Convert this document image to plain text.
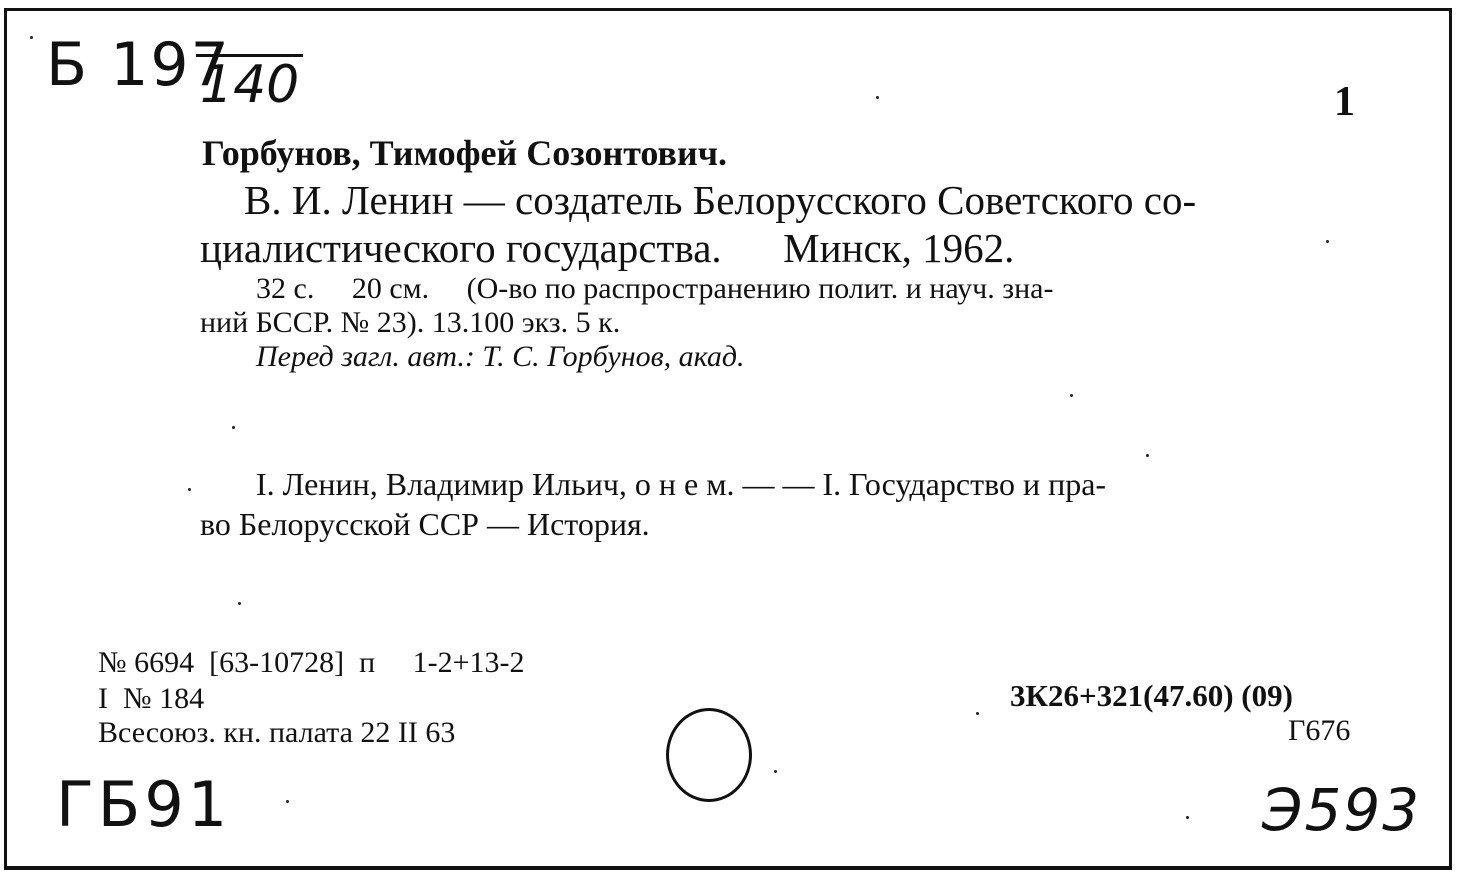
Б 197
140	1
Горбунов, Тимофей Созонтович.
В. И. Ленин — создатель Белорусского Советского со-
циалистического государства.      Минск, 1962.
32 с.     20 см.     (О-во по распространению полит. и науч. зна-
ний БССР. № 23). 13.100 экз. 5 к.
Перед загл. авт.: Т. С. Горбунов, акад.
I. Ленин, Владимир Ильич, о н е м. — — I. Государство и пра-
во Белорусской ССР — История.
№ 6694  [63-10728]  п     1-2+13-2
I  № 184
Всесоюз. кн. палата 22 II 63
3К26+321(47.60) (09)
Г676
ГБ91	Э593
